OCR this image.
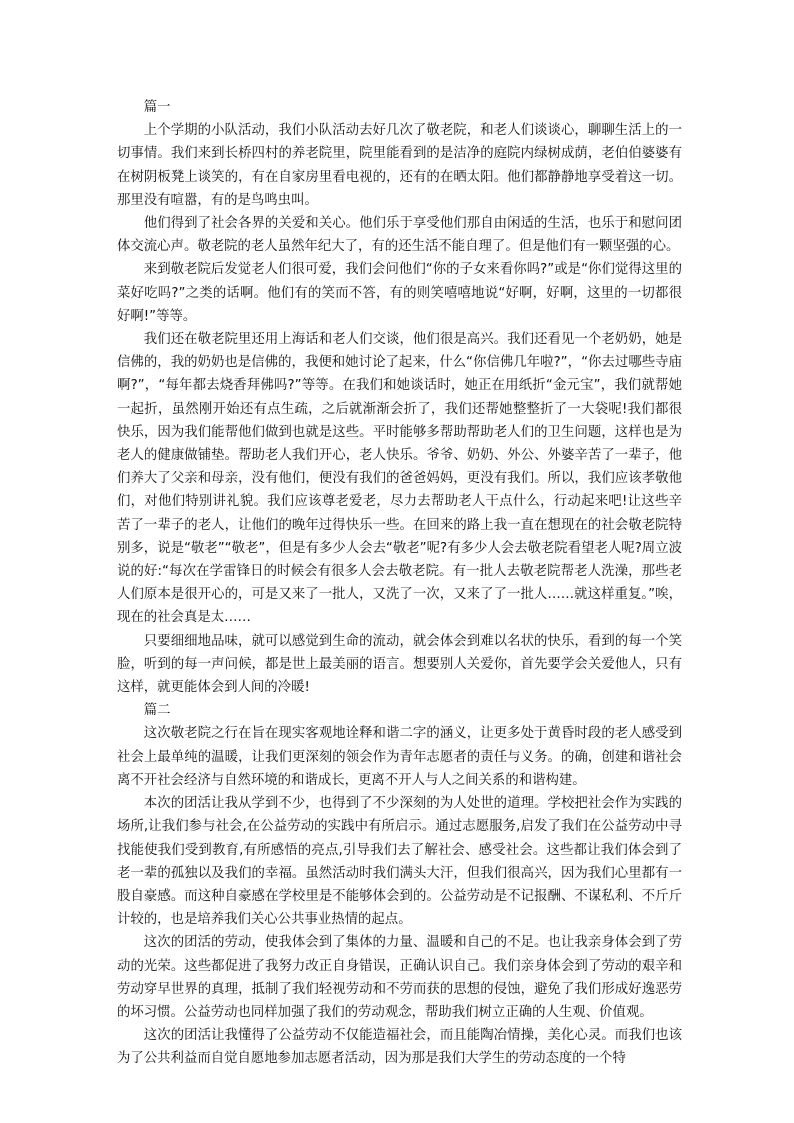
篇一

上个学期的小队活动，我们小队活动去好几次了敬老院，和老人们谈谈心，聊聊生活上的一切事情。我们来到长桥四村的养老院里，院里能看到的是洁净的庭院内绿树成荫，老伯伯婆婆有在树阴板凳上谈笑的，有在自家房里看电视的，还有的在晒太阳。他们都静静地享受着这一切。那里没有喧嚣，有的是鸟鸣虫叫。

他们得到了社会各界的关爱和关心。他们乐于享受他们那自由闲适的生活，也乐于和慰问团体交流心声。敬老院的老人虽然年纪大了，有的还生活不能自理了。但是他们有一颗坚强的心。

来到敬老院后发觉老人们很可爱，我们会问他们“你的子女来看你吗?”或是“你们觉得这里的菜好吃吗?”之类的话啊。他们有的笑而不答，有的则笑嘻嘻地说“好啊，好啊，这里的一切都很好啊!”等等。

我们还在敬老院里还用上海话和老人们交谈，他们很是高兴。我们还看见一个老奶奶，她是信佛的，我的奶奶也是信佛的，我便和她讨论了起来，什么“你信佛几年啦?”，“你去过哪些寺庙啊?”，“每年都去烧香拜佛吗?”等等。在我们和她谈话时，她正在用纸折“金元宝”，我们就帮她一起折，虽然刚开始还有点生疏，之后就渐渐会折了，我们还帮她整整折了一大袋呢!我们都很快乐，因为我们能帮他们做到也就是这些。平时能够多帮助帮助老人们的卫生问题，这样也是为老人的健康做铺垫。帮助老人我们开心，老人快乐。爷爷、奶奶、外公、外婆辛苦了一辈子，他们养大了父亲和母亲，没有他们，便没有我们的爸爸妈妈，更没有我们。所以，我们应该孝敬他们，对他们特别讲礼貌。我们应该尊老爱老，尽力去帮助老人干点什么，行动起来吧!让这些辛苦了一辈子的老人，让他们的晚年过得快乐一些。在回来的路上我一直在想现在的社会敬老院特别多，说是“敬老”“敬老”，但是有多少人会去“敬老”呢?有多少人会去敬老院看望老人呢?周立波说的好:“每次在学雷锋日的时候会有很多人会去敬老院。有一批人去敬老院帮老人洗澡，那些老人们原本是很开心的，可是又来了一批人，又洗了一次，又来了了一批人……就这样重复。”唉，现在的社会真是太……

只要细细地品味，就可以感觉到生命的流动，就会体会到难以名状的快乐，看到的每一个笑脸，听到的每一声问候，都是世上最美丽的语言。想要别人关爱你，首先要学会关爱他人，只有这样，就更能体会到人间的冷暖!

篇二

这次敬老院之行在旨在现实客观地诠释和谐二字的涵义，让更多处于黄昏时段的老人感受到社会上最单纯的温暖，让我们更深刻的领会作为青年志愿者的责任与义务。的确，创建和谐社会离不开社会经济与自然环境的和谐成长，更离不开人与人之间关系的和谐构建。

本次的团活让我从学到不少，也得到了不少深刻的为人处世的道理。学校把社会作为实践的场所,让我们参与社会,在公益劳动的实践中有所启示。通过志愿服务,启发了我们在公益劳动中寻找能使我们受到教育,有所感悟的亮点,引导我们去了解社会、感受社会。这些都让我们体会到了老一辈的孤独以及我们的幸福。虽然活动时我们满头大汗，但我们很高兴，因为我们心里都有一股自豪感。而这种自豪感在学校里是不能够体会到的。公益劳动是不记报酬、不谋私利、不斤斤计较的，也是培养我们关心公共事业热情的起点。

这次的团活的劳动，使我体会到了集体的力量、温暖和自己的不足。也让我亲身体会到了劳动的光荣。这些都促进了我努力改正自身错误，正确认识自己。我们亲身体会到了劳动的艰辛和劳动穿早世界的真理，抵制了我们轻视劳动和不劳而获的思想的侵蚀，避免了我们形成好逸恶劳的坏习惯。公益劳动也同样加强了我们的劳动观念，帮助我们树立正确的人生观、价值观。

这次的团活让我懂得了公益劳动不仅能造福社会，而且能陶冶情操，美化心灵。而我们也该为了公共利益而自觉自愿地参加志愿者活动，因为那是我们大学生的劳动态度的一个特
